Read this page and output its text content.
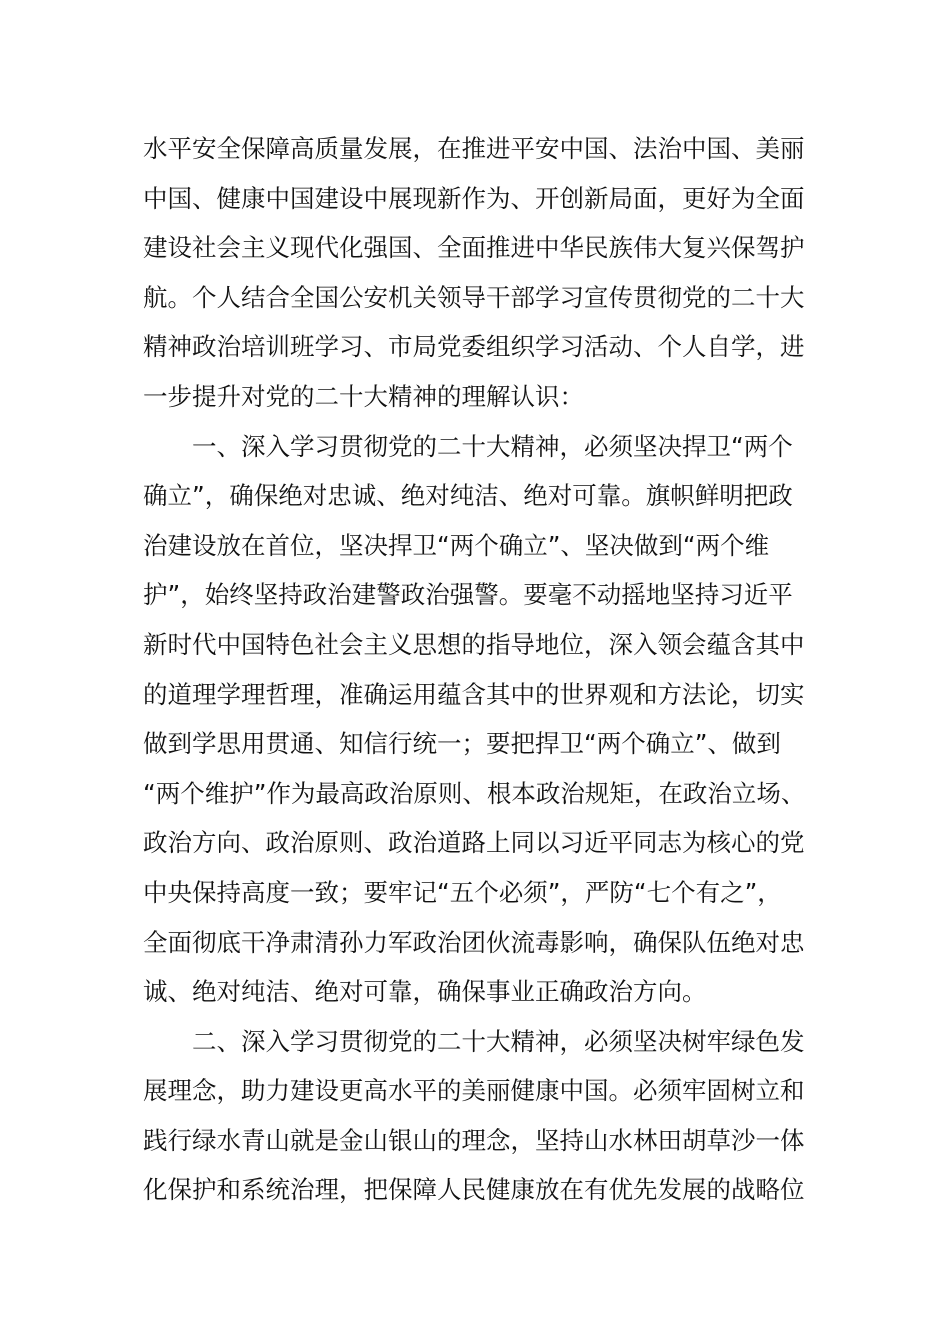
水平安全保障高质量发展，在推进平安中国、法治中国、美丽
中国、健康中国建设中展现新作为、开创新局面，更好为全面
建设社会主义现代化强国、全面推进中华民族伟大复兴保驾护
航。个人结合全国公安机关领导干部学习宣传贯彻党的二十大
精神政治培训班学习、市局党委组织学习活动、个人自学，进
一步提升对党的二十大精神的理解认识：
　　一、深入学习贯彻党的二十大精神，必须坚决捍卫“两个
确立”，确保绝对忠诚、绝对纯洁、绝对可靠。旗帜鲜明把政
治建设放在首位，坚决捍卫“两个确立”、坚决做到“两个维
护”，始终坚持政治建警政治强警。要毫不动摇地坚持习近平
新时代中国特色社会主义思想的指导地位，深入领会蕴含其中
的道理学理哲理，准确运用蕴含其中的世界观和方法论，切实
做到学思用贯通、知信行统一；要把捍卫“两个确立”、做到
“两个维护”作为最高政治原则、根本政治规矩，在政治立场、
政治方向、政治原则、政治道路上同以习近平同志为核心的党
中央保持高度一致；要牢记“五个必须”，严防“七个有之”，
全面彻底干净肃清孙力军政治团伙流毒影响，确保队伍绝对忠
诚、绝对纯洁、绝对可靠，确保事业正确政治方向。
　　二、深入学习贯彻党的二十大精神，必须坚决树牢绿色发
展理念，助力建设更高水平的美丽健康中国。必须牢固树立和
践行绿水青山就是金山银山的理念，坚持山水林田胡草沙一体
化保护和系统治理，把保障人民健康放在有优先发展的战略位
